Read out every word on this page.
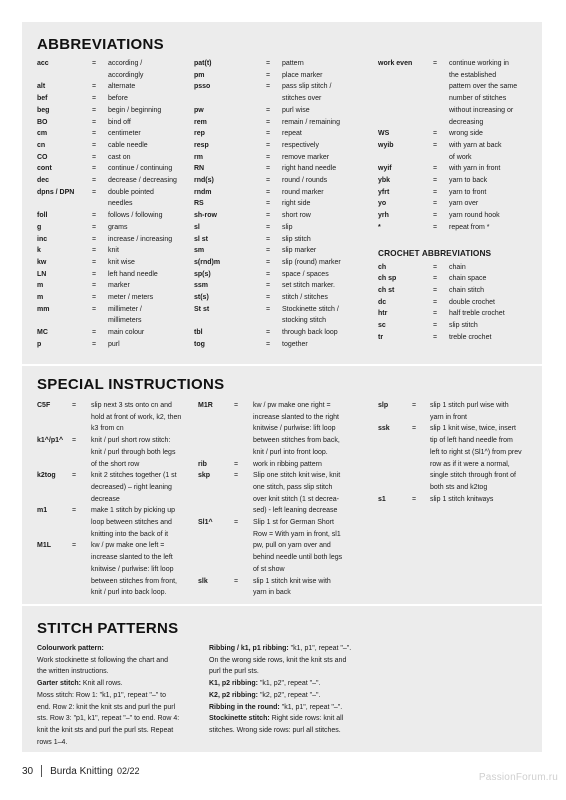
ABBREVIATIONS
acc	=	according /
accordingly
alt	=	alternate
bef	=	before
beg	=	begin / beginning
BO	=	bind off
cm	=	centimeter
cn	=	cable needle
CO	=	cast on
cont	=	continue / continuing
dec	=	decrease / decreasing
dpns / DPN	=	double pointed
needles
foll	=	follows / following
g	=	grams
inc	=	increase / increasing
k	=	knit
kw	=	knit wise
LN	=	left hand needle
m	=	marker
m	=	meter / meters
mm	=	millimeter /
millimeters
MC	=	main colour
p	=	purl
pat(t)	=	pattern
pm	=	place marker
psso	=	pass slip stitch /
stitches over
pw	=	purl wise
rem	=	remain / remaining
rep	=	repeat
resp	=	respectively
rm	=	remove marker
RN	=	right hand needle
rnd(s)	=	round / rounds
rndm	=	round marker
RS	=	right side
sh-row	=	short row
sl	=	slip
sl st	=	slip stitch
sm	=	slip marker
s(rnd)m	=	slip (round) marker
sp(s)	=	space / spaces
ssm	=	set stitch marker.
st(s)	=	stitch / stitches
St st	=	Stockinette stitch /
stocking stitch
tbl	=	through back loop
tog	=	together
work even	=	continue working in
the established
pattern over the same
number of stitches
without increasing or
decreasing
WS	=	wrong side
wyib	=	with yarn at back
of work
wyif	=	with yarn in front
ybk	=	yarn to back
yfrt	=	yarn to front
yo	=	yarn over
yrh	=	yarn round hook
*	=	repeat from *
CROCHET ABBREVIATIONS
ch	=	chain
ch sp	=	chain space
ch st	=	chain stitch
dc	=	double crochet
htr	=	half treble crochet
sc	=	slip stitch
tr	=	treble crochet
SPECIAL INSTRUCTIONS
C5F	=	slip next 3 sts onto cn and
hold at front of work, k2, then
k3 from cn
k1^/p1^	=	knit / purl short row stitch:
knit / purl through both legs
of the short row
k2tog	=	knit 2 stitches together (1 st
decreased) – right leaning
decrease
m1	=	make 1 stitch by picking up
loop between stitches and
knitting into the back of it
M1L	=	kw / pw make one left =
increase slanted to the left
knitwise / purlwise: lift loop
between stitches from front,
knit / purl into back loop.
M1R	=	kw / pw make one right =
increase slanted to the right
knitwise / purlwise: lift loop
between stitches from back,
knit / purl into front loop.
rib	=	work in ribbing pattern
skp	=	Slip one stitch knit wise, knit
one stitch, pass slip stitch
over knit stitch (1 st decrea-
sed) - left leaning decrease
Sl1^	=	Slip 1 st for German Short
Row = With yarn in front, sl1
pw, pull on yarn over and
behind needle until both legs
of st show
slk	=	slip 1 stitch knit wise with
yarn in back
slp	=	slip 1 stitch purl wise with
yarn in front
ssk	=	slip 1 knit wise, twice, insert
tip of left hand needle from
left to right st (Sl1^) from prev
row as if it were a normal,
single stitch through front of
both sts and k2tog
s1	=	slip 1 stitch knitways
STITCH PATTERNS
Colourwork pattern:
Work stockinette st following the chart and
the written instructions.
Garter stitch: Knit all rows.
Moss stitch: Row 1: "k1, p1", repeat "–" to
end. Row 2: knit the knit sts and purl the purl
sts. Row 3: "p1, k1", repeat "–" to end. Row 4:
knit the knit sts and purl the purl sts. Repeat
rows 1–4.
Ribbing / k1, p1 ribbing: "k1, p1", repeat "–".
On the wrong side rows, knit the knit sts and
purl the purl sts.
K1, p2 ribbing: "k1, p2", repeat "–".
K2, p2 ribbing: "k2, p2", repeat "–".
Ribbing in the round: "k1, p1", repeat "–".
Stockinette stitch: Right side rows: knit all
stitches. Wrong side rows: purl all stitches.
30 Burda Knitting 02/22
PassionForum.ru
